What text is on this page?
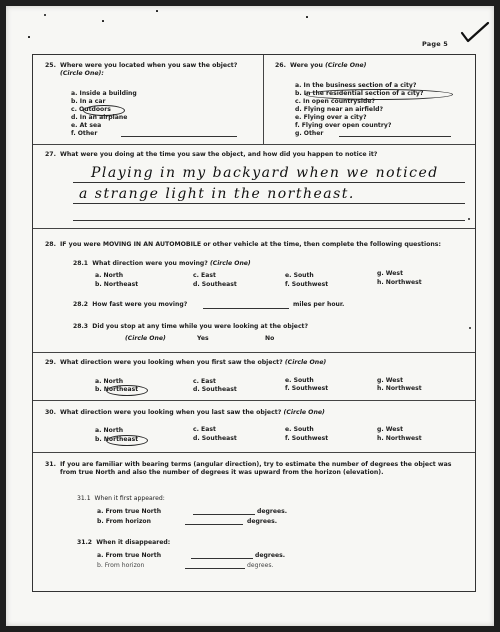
Page 5
25. Where were you located when you saw the object?
(Circle One):
a. Inside a building
b. In a car
c. Outdoors
d. In an airplane
e. At sea
f. Other
26. Were you (Circle One)
a. In the business section of a city?
b. In the residential section of a city?
c. In open countryside?
d. Flying near an airfield?
e. Flying over a city?
f. Flying over open country?
g. Other
27. What were you doing at the time you saw the object, and how did you happen to notice it?
Playing in my backyard when we noticed
a strange light in the northeast.
28. IF you were MOVING IN AN AUTOMOBILE or other vehicle at the time, then complete the following questions:
28.1 What direction were you moving? (Circle One)
a. North
b. Northeast
c. East
d. Southeast
e. South
f. Southwest
g. West
h. Northwest
28.2 How fast were you moving?	miles per hour.
28.3 Did you stop at any time while you were looking at the object?
(Circle One)	Yes	No
29. What direction were you looking when you first saw the object? (Circle One)
a. North
b. Northeast
c. East
d. Southeast
e. South
f. Southwest
g. West
h. Northwest
30. What direction were you looking when you last saw the object? (Circle One)
a. North
b. Northeast
c. East
d. Southeast
e. South
f. Southwest
g. West
h. Northwest
31. If you are familiar with bearing terms (angular direction), try to estimate the number of degrees the object was
from true North and also the number of degrees it was upward from the horizon (elevation).
31.1 When it first appeared:
a. From true North	degrees.
b. From horizon	degrees.
31.2 When it disappeared:
a. From true North	degrees.
b. From horizon	degrees.
